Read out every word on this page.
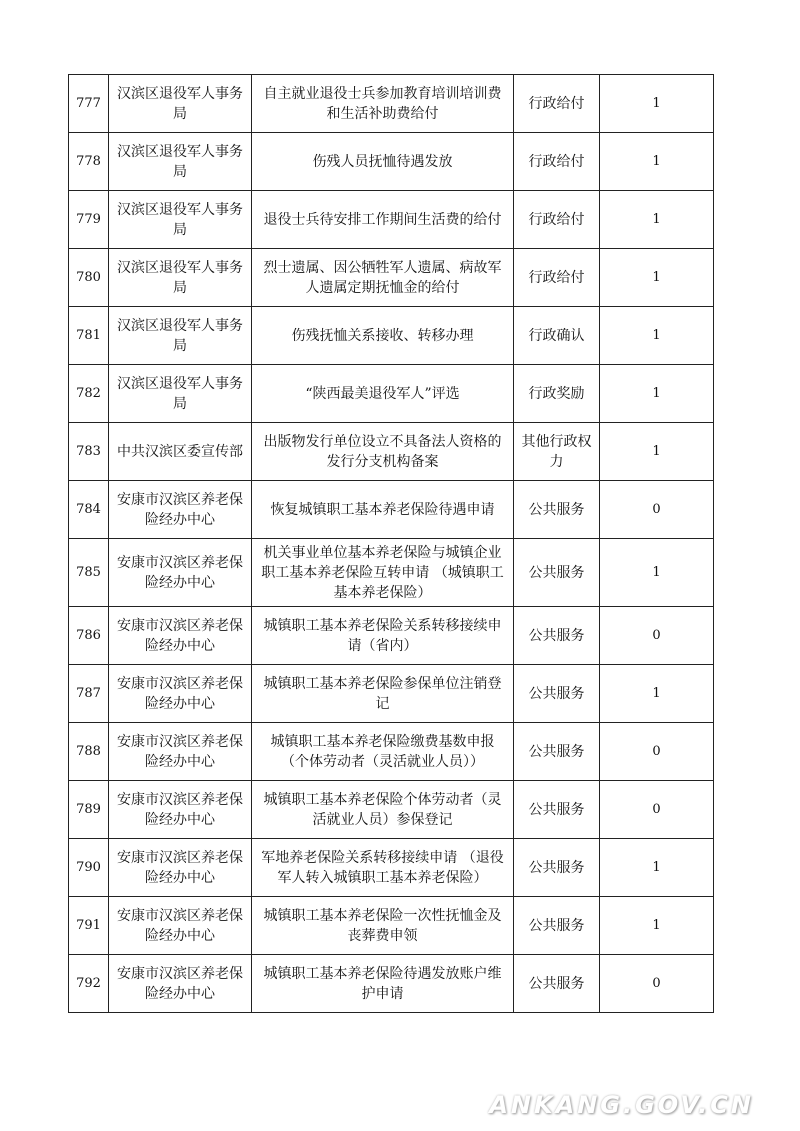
777	汉滨区退役军人事务局	自主就业退役士兵参加教育培训培训费和生活补助费给付	行政给付	1
778	汉滨区退役军人事务局	伤残人员抚恤待遇发放	行政给付	1
779	汉滨区退役军人事务局	退役士兵待安排工作期间生活费的给付	行政给付	1
780	汉滨区退役军人事务局	烈士遗属、因公牺牲军人遗属、病故军人遗属定期抚恤金的给付	行政给付	1
781	汉滨区退役军人事务局	伤残抚恤关系接收、转移办理	行政确认	1
782	汉滨区退役军人事务局	“陕西最美退役军人”评选	行政奖励	1
783	中共汉滨区委宣传部	出版物发行单位设立不具备法人资格的发行分支机构备案	其他行政权力	1
784	安康市汉滨区养老保险经办中心	恢复城镇职工基本养老保险待遇申请	公共服务	0
785	安康市汉滨区养老保险经办中心	机关事业单位基本养老保险与城镇企业职工基本养老保险互转申请 （城镇职工基本养老保险）	公共服务	1
786	安康市汉滨区养老保险经办中心	城镇职工基本养老保险关系转移接续申请（省内）	公共服务	0
787	安康市汉滨区养老保险经办中心	城镇职工基本养老保险参保单位注销登记	公共服务	1
788	安康市汉滨区养老保险经办中心	城镇职工基本养老保险缴费基数申报（个体劳动者（灵活就业人员））	公共服务	0
789	安康市汉滨区养老保险经办中心	城镇职工基本养老保险个体劳动者（灵活就业人员）参保登记	公共服务	0
790	安康市汉滨区养老保险经办中心	军地养老保险关系转移接续申请 （退役军人转入城镇职工基本养老保险）	公共服务	1
791	安康市汉滨区养老保险经办中心	城镇职工基本养老保险一次性抚恤金及丧葬费申领	公共服务	1
792	安康市汉滨区养老保险经办中心	城镇职工基本养老保险待遇发放账户维护申请	公共服务	0
ANKANG.GOV.CN
